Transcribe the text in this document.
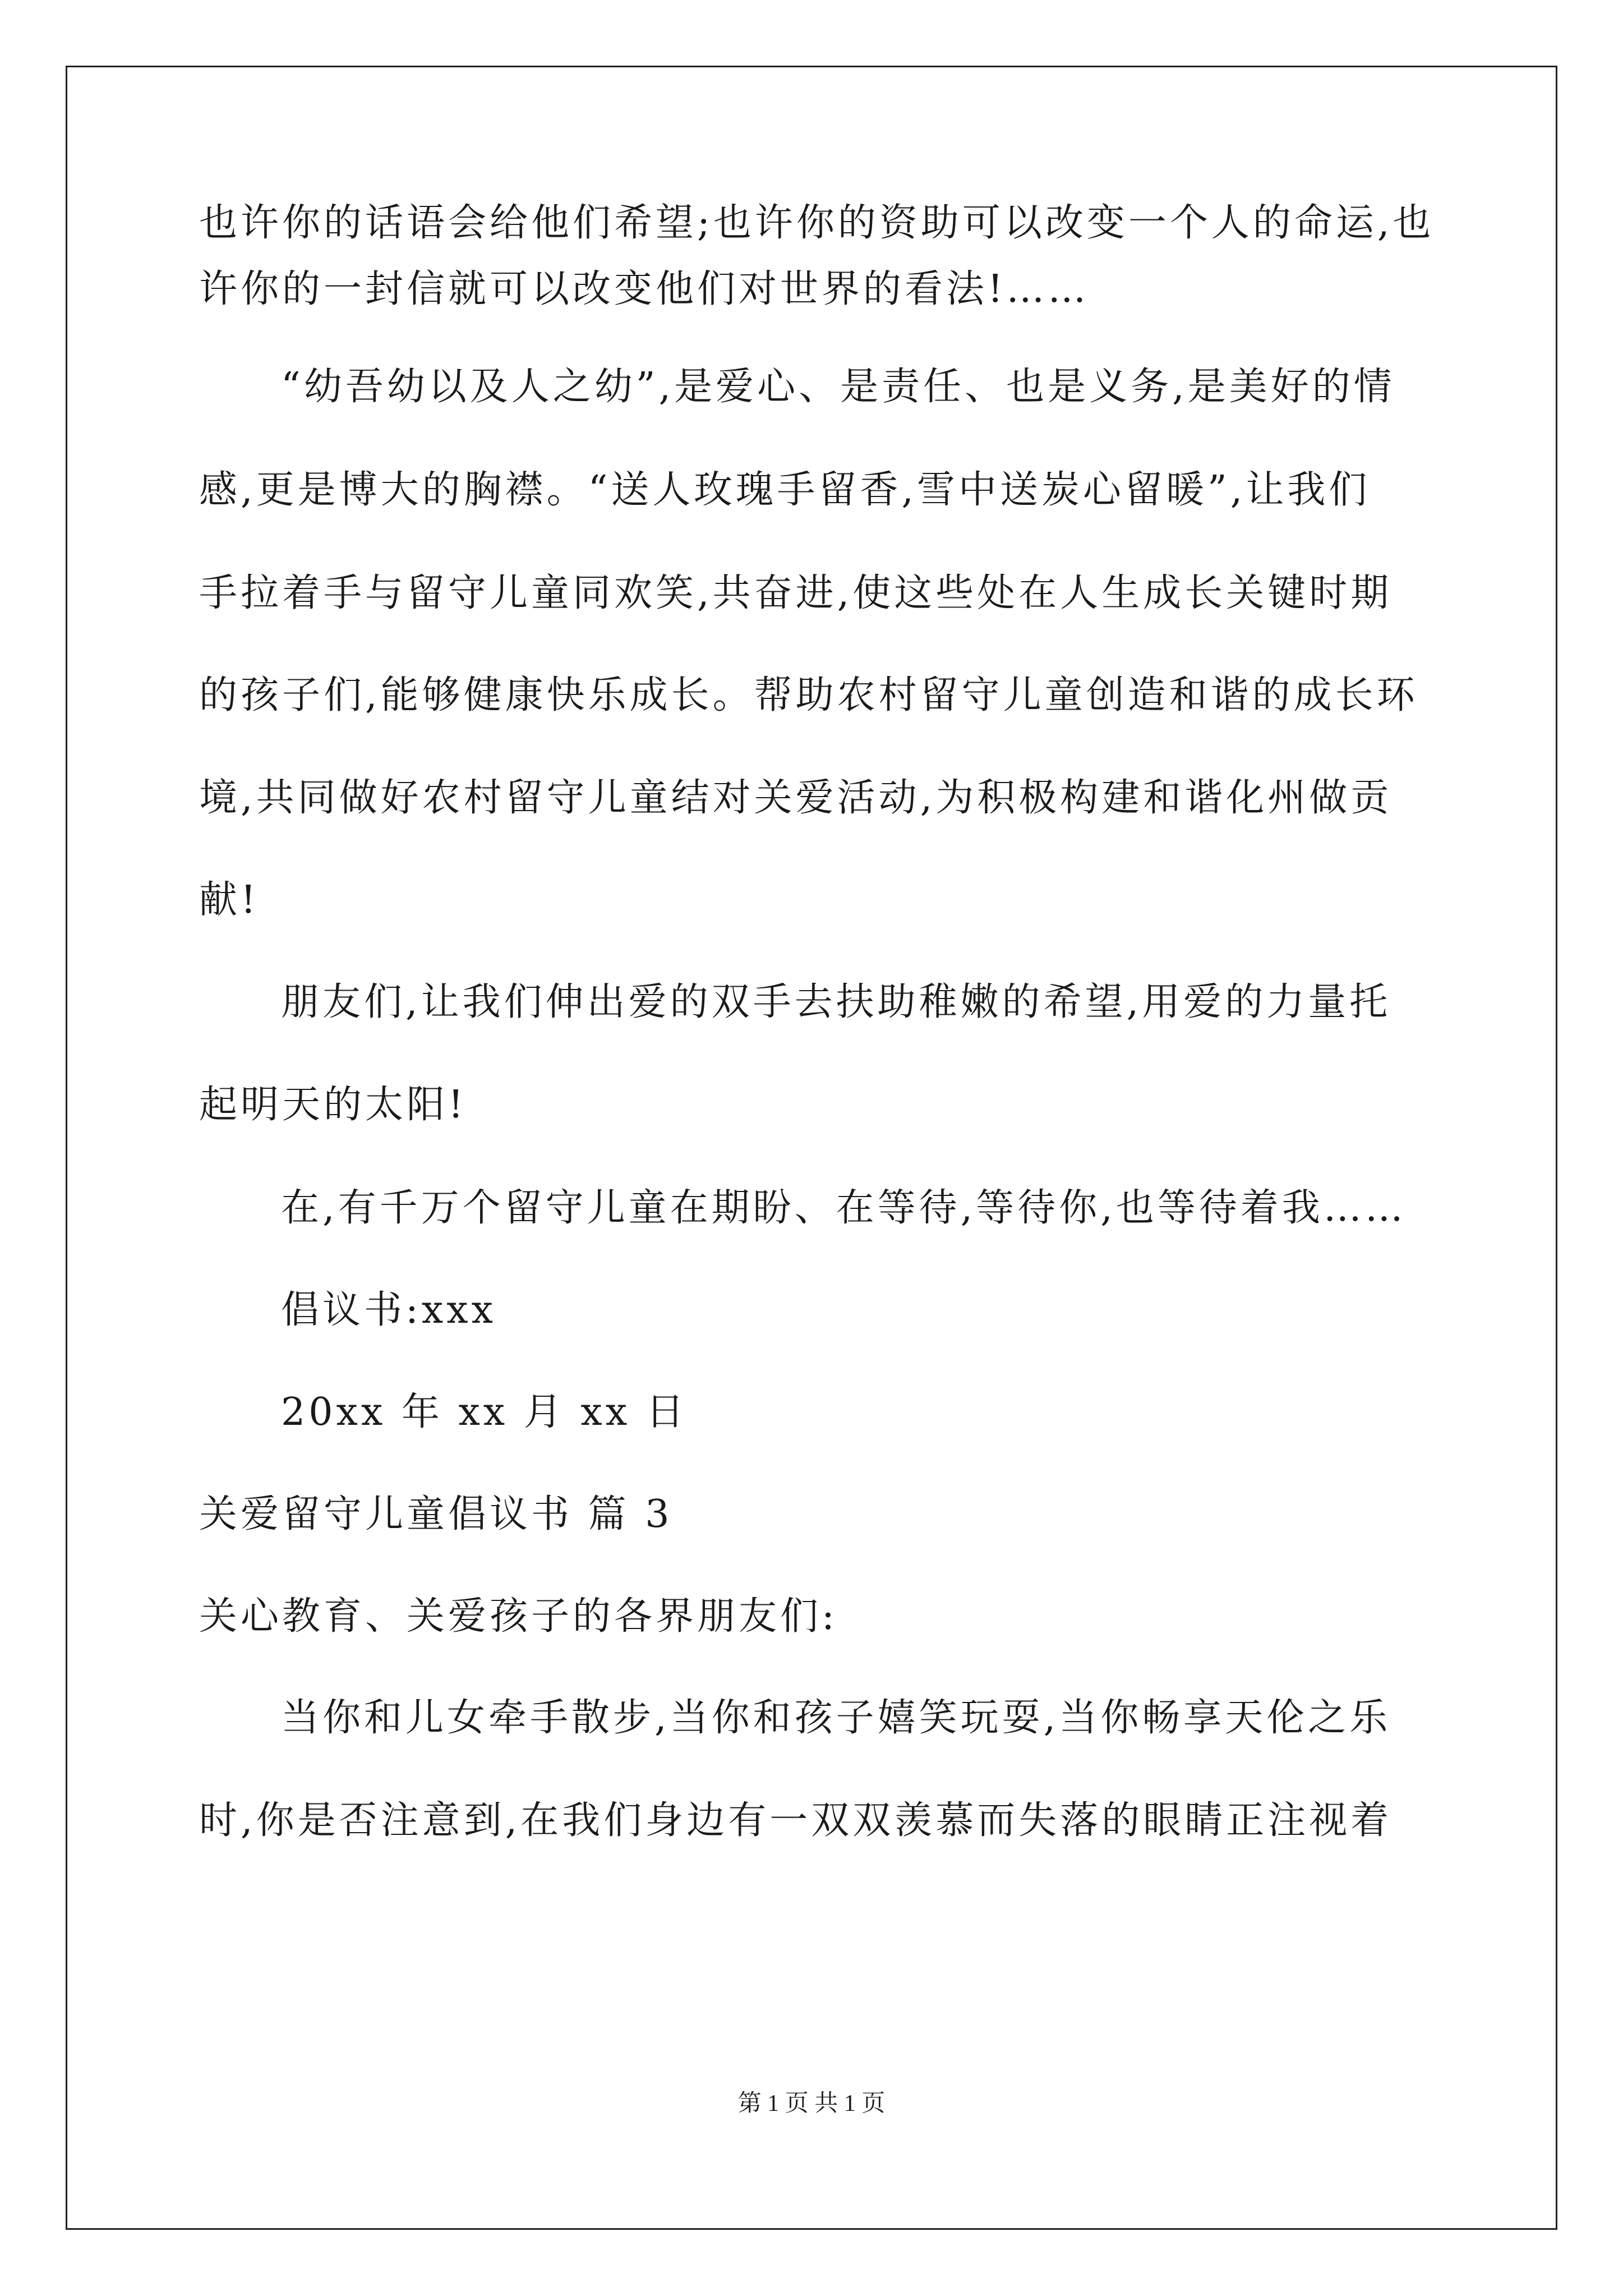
也许你的话语会给他们希望;也许你的资助可以改变一个人的命运,也
许你的一封信就可以改变他们对世界的看法!……
“幼吾幼以及人之幼”,是爱心、是责任、也是义务,是美好的情
感,更是博大的胸襟。“送人玫瑰手留香,雪中送炭心留暖”,让我们
手拉着手与留守儿童同欢笑,共奋进,使这些处在人生成长关键时期
的孩子们,能够健康快乐成长。帮助农村留守儿童创造和谐的成长环
境,共同做好农村留守儿童结对关爱活动,为积极构建和谐化州做贡
献!
朋友们,让我们伸出爱的双手去扶助稚嫩的希望,用爱的力量托
起明天的太阳!
在,有千万个留守儿童在期盼、在等待,等待你,也等待着我……
倡议书:xxx
20xx 年 xx 月 xx 日
关爱留守儿童倡议书 篇 3
关心教育、关爱孩子的各界朋友们:
当你和儿女牵手散步,当你和孩子嬉笑玩耍,当你畅享天伦之乐
时,你是否注意到,在我们身边有一双双羡慕而失落的眼睛正注视着
第 1 页 共 1 页
